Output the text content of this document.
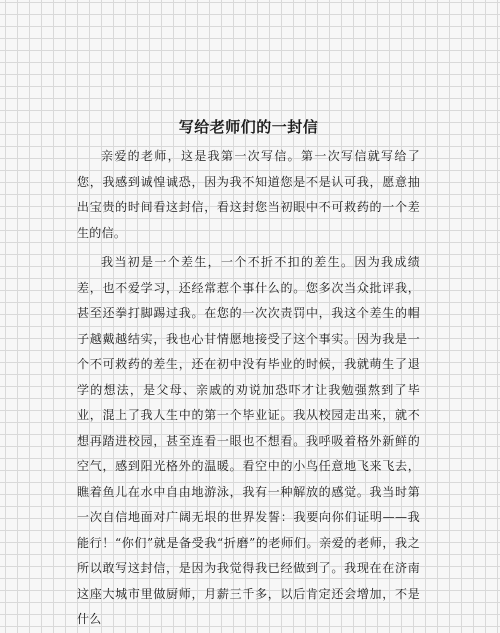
写给老师们的一封信

亲爱的老师，这是我第一次写信。第一次写信就写给了您，我感到诚惶诚恐，因为我不知道您是不是认可我，愿意抽出宝贵的时间看这封信，看这封您当初眼中不可救药的一个差生的信。

我当初是一个差生，一个不折不扣的差生。因为我成绩差，也不爱学习，还经常惹个事什么的。您多次当众批评我，甚至还拳打脚踢过我。在您的一次次责罚中，我这个差生的帽子越戴越结实，我也心甘情愿地接受了这个事实。因为我是一个不可救药的差生，还在初中没有毕业的时候，我就萌生了退学的想法，是父母、亲戚的劝说加恐吓才让我勉强熬到了毕业，混上了我人生中的第一个毕业证。我从校园走出来，就不想再踏进校园，甚至连看一眼也不想看。我呼吸着格外新鲜的空气，感到阳光格外的温暖。看空中的小鸟任意地飞来飞去，瞧着鱼儿在水中自由地游泳，我有一种解放的感觉。我当时第一次自信地面对广阔无垠的世界发誓：我要向你们证明——我能行！“你们”就是备受我“折磨”的老师们。亲爱的老师，我之所以敢写这封信，是因为我觉得我已经做到了。我现在在济南这座大城市里做厨师，月薪三千多，以后肯定还会增加，不是什么
